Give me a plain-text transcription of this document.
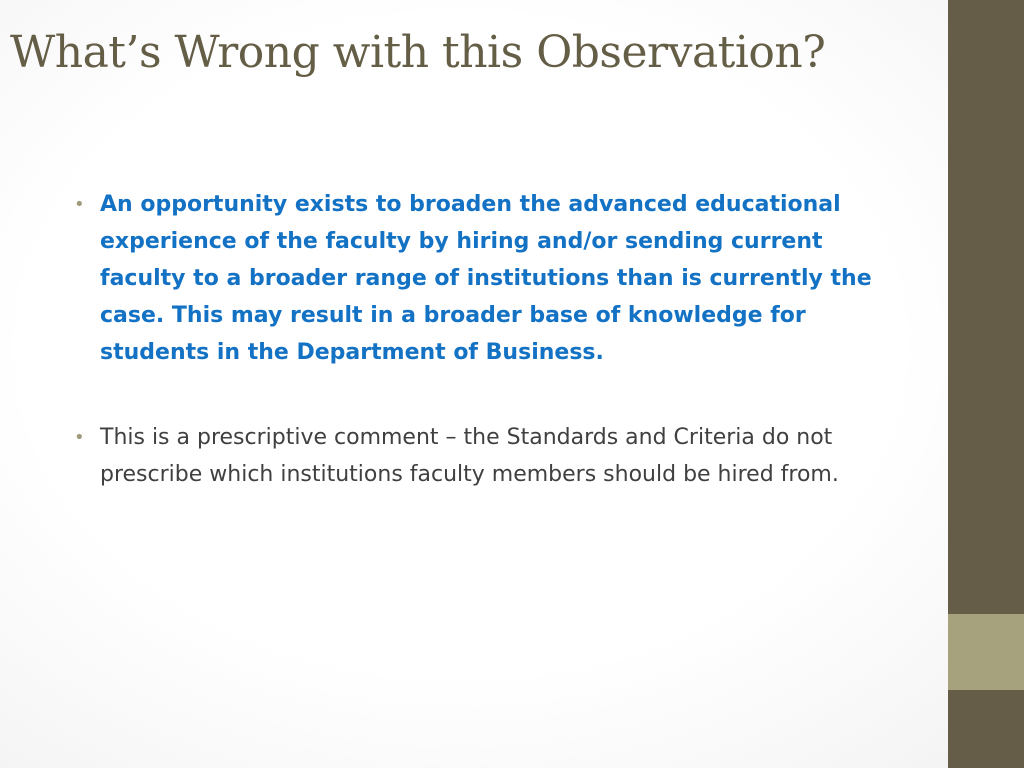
What’s Wrong with this Observation?
• An opportunity exists to broaden the advanced educational experience of the faculty by hiring and/or sending current faculty to a broader range of institutions than is currently the case. This may result in a broader base of knowledge for students in the Department of Business.
• This is a prescriptive comment – the Standards and Criteria do not prescribe which institutions faculty members should be hired from.
